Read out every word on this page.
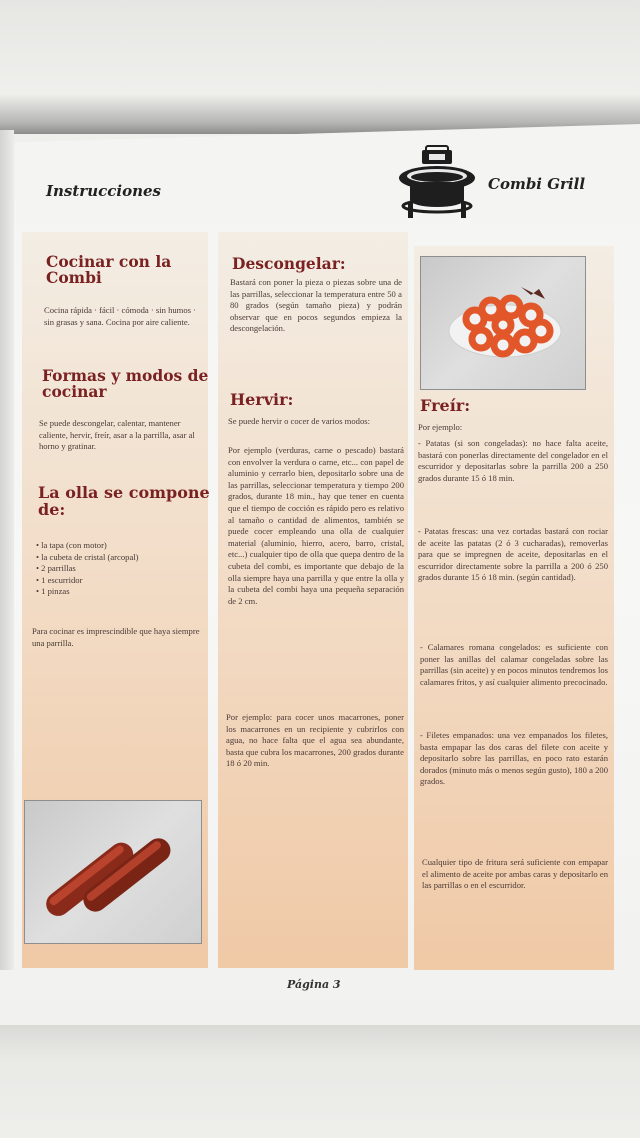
Instrucciones	Combi Grill
Cocinar con la
Combi
Cocina rápida · fácil · cómoda · sin humos · sin grasas y sana. Cocina por aire caliente.
Formas y modos de
cocinar
Se puede descongelar, calentar, mantener caliente, hervir, freír, asar a la parrilla, asar al horno y gratinar.
La olla se compone
de:
• la tapa (con motor)
• la cubeta de cristal (arcopal)
• 2 parrillas
• 1 escurridor
• 1 pinzas
Para cocinar es imprescindible que haya siempre una parrilla.
Descongelar:
Bastará con poner la pieza o piezas sobre una de las parrillas, seleccionar la temperatura entre 50 a 80 grados (según tamaño pieza) y podrán observar que en pocos segundos empieza la descongelación.
Hervir:
Se puede hervir o cocer de varios modos:
Por ejemplo (verduras, carne o pescado) bastará con envolver la verdura o carne, etc... con papel de aluminio y cerrarlo bien, depositarlo sobre una de las parrillas, seleccionar temperatura y tiempo 200 grados, durante 18 min., hay que tener en cuenta que el tiempo de cocción es rápido pero es relativo al tamaño o cantidad de alimentos, también se puede cocer empleando una olla de cualquier material (aluminio, hierro, acero, barro, cristal, etc...) cualquier tipo de olla que quepa dentro de la cubeta del combi, es importante que debajo de la olla siempre haya una parrilla y que entre la olla y la cubeta del combi haya una pequeña separación de 2 cm.
Por ejemplo: para cocer unos macarrones, poner los macarrones en un recipiente y cubrirlos con agua, no hace falta que el agua sea abundante, basta que cubra los macarrones, 200 grados durante 18 ó 20 min.
Freír:
Por ejemplo:
- Patatas (si son congeladas): no hace falta aceite, bastará con ponerlas directamente del congelador en el escurridor y depositarlas sobre la parrilla 200 a 250 grados durante 15 ó 18 min.
- Patatas frescas: una vez cortadas bastará con rociar de aceite las patatas (2 ó 3 cucharadas), removerlas para que se impregnen de aceite, depositarlas en el escurridor directamente sobre la parrilla a 200 ó 250 grados durante 15 ó 18 min. (según cantidad).
- Calamares romana congelados: es suficiente con poner las anillas del calamar congeladas sobre las parrillas (sin aceite) y en pocos minutos tendremos los calamares fritos, y así cualquier alimento precocinado.
- Filetes empanados: una vez empanados los filetes, basta empapar las dos caras del filete con aceite y depositarlo sobre las parrillas, en poco rato estarán dorados (minuto más o menos según gusto), 180 a 200 grados.
Cualquier tipo de fritura será suficiente con empapar el alimento de aceite por ambas caras y depositarlo en las parrillas o en el escurridor.
Página 3
